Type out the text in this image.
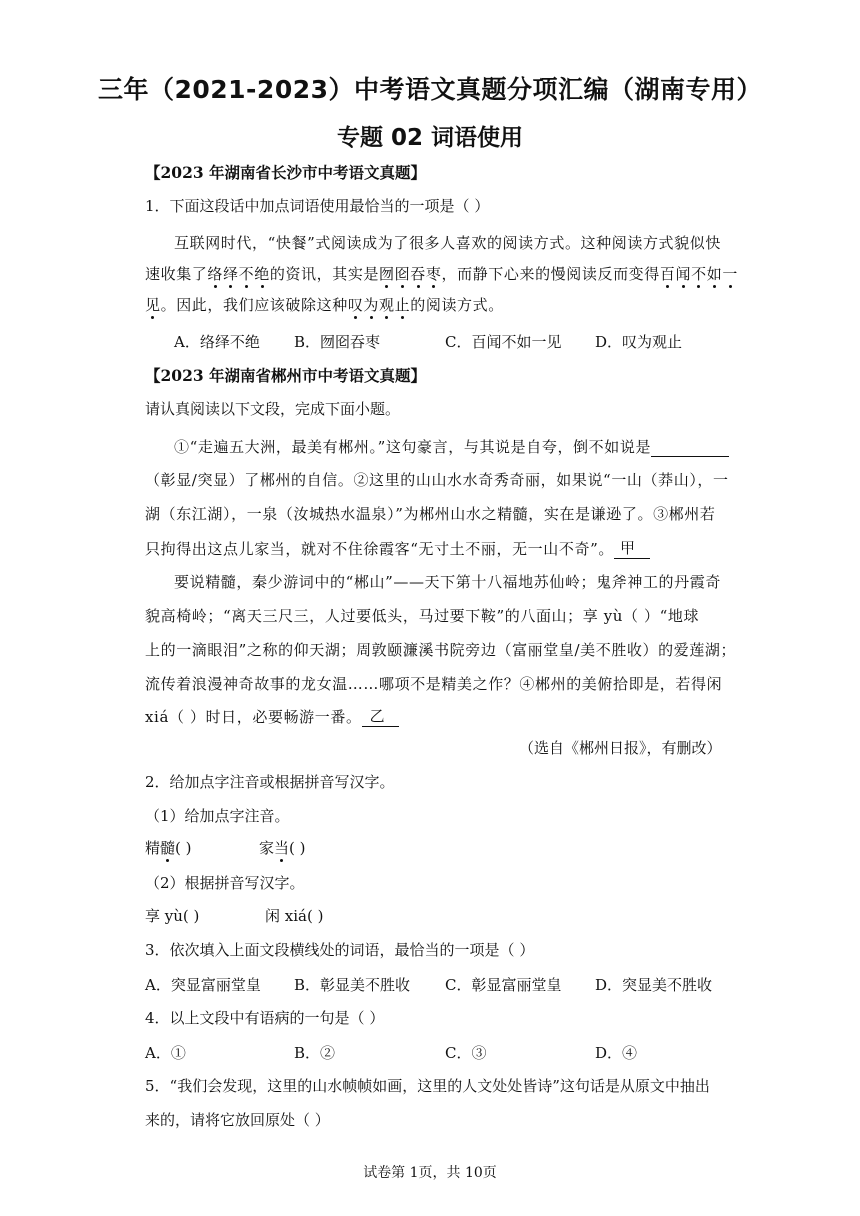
三年（2021-2023）中考语文真题分项汇编（湖南专用）
专题 02 词语使用
【2023 年湖南省长沙市中考语文真题】
1．下面这段话中加点词语使用最恰当的一项是（ ）
互联网时代，“快餐”式阅读成为了很多人喜欢的阅读方式。这种阅读方式貌似快
速收集了络绎不绝的资讯，其实是囫囵吞枣，而静下心来的慢阅读反而变得百闻不如一
见。因此，我们应该破除这种叹为观止的阅读方式。
A．络绎不绝 B．囫囵吞枣	C．百闻不如一见 D．叹为观止
【2023 年湖南省郴州市中考语文真题】
请认真阅读以下文段，完成下面小题。
①“走遍五大洲，最美有郴州。”这句豪言，与其说是自夸，倒不如说是
（彰显/突显）了郴州的自信。②这里的山山水水奇秀奇丽，如果说“一山（莽山），一
湖（东江湖），一泉（汝城热水温泉）”为郴州山水之精髓，实在是谦逊了。③郴州若
只拘得出这点儿家当，就对不住徐霞客“无寸土不丽，无一山不奇”。 甲
要说精髓，秦少游词中的“郴山”——天下第十八福地苏仙岭；鬼斧神工的丹霞奇
貌高椅岭；“离天三尺三，人过要低头，马过要下鞍”的八面山；享 yù（ ）“地球
上的一滴眼泪”之称的仰天湖；周敦颐濂溪书院旁边（富丽堂皇/美不胜收）的爱莲湖；
流传着浪漫神奇故事的龙女温……哪项不是精美之作？④郴州的美俯拾即是，若得闲
xiá（ ）时日，必要畅游一番。 乙
（选自《郴州日报》，有删改）
2．给加点字注音或根据拼音写汉字。
（1）给加点字注音。
精髓( )	家当( )
（2）根据拼音写汉字。
享 yù( )	闲 xiá( )
3．依次填入上面文段横线处的词语，最恰当的一项是（ ）
A．突显富丽堂皇 B．彰显美不胜收 C．彰显富丽堂皇 D．突显美不胜收
4．以上文段中有语病的一句是（ ）
A．①	B．②	C．③	D．④
5．“我们会发现，这里的山水帧帧如画，这里的人文处处皆诗”这句话是从原文中抽出
来的，请将它放回原处（ ）
试卷第 1页，共 10页
